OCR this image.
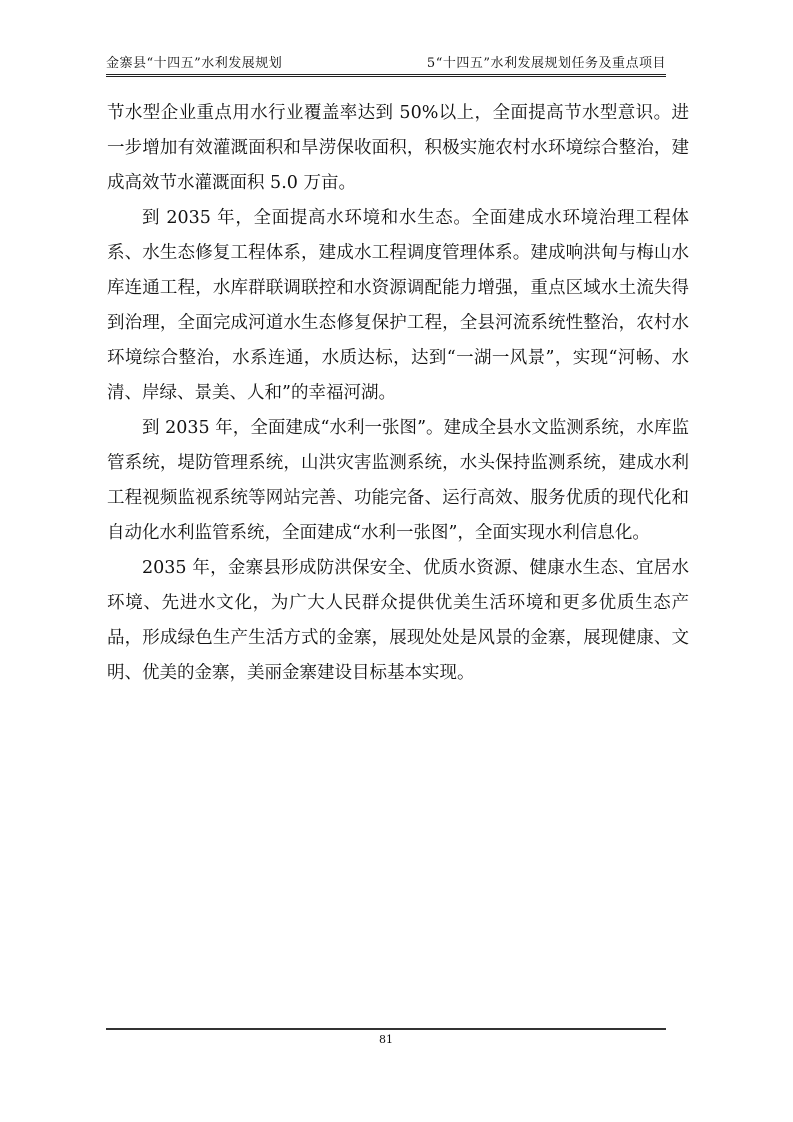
金寨县“十四五”水利发展规划	5“十四五”水利发展规划任务及重点项目

节水型企业重点用水行业覆盖率达到 50%以上，全面提高节水型意识。进一步增加有效灌溉面积和旱涝保收面积，积极实施农村水环境综合整治，建成高效节水灌溉面积 5.0 万亩。

到 2035 年，全面提高水环境和水生态。全面建成水环境治理工程体系、水生态修复工程体系，建成水工程调度管理体系。建成响洪甸与梅山水库连通工程，水库群联调联控和水资源调配能力增强，重点区域水土流失得到治理，全面完成河道水生态修复保护工程，全县河流系统性整治，农村水环境综合整治，水系连通，水质达标，达到“一湖一风景”，实现“河畅、水清、岸绿、景美、人和”的幸福河湖。

到 2035 年，全面建成“水利一张图”。建成全县水文监测系统，水库监管系统，堤防管理系统，山洪灾害监测系统，水头保持监测系统，建成水利工程视频监视系统等网站完善、功能完备、运行高效、服务优质的现代化和自动化水利监管系统，全面建成“水利一张图”，全面实现水利信息化。

2035 年，金寨县形成防洪保安全、优质水资源、健康水生态、宜居水环境、先进水文化，为广大人民群众提供优美生活环境和更多优质生态产品，形成绿色生产生活方式的金寨，展现处处是风景的金寨，展现健康、文明、优美的金寨，美丽金寨建设目标基本实现。

81
